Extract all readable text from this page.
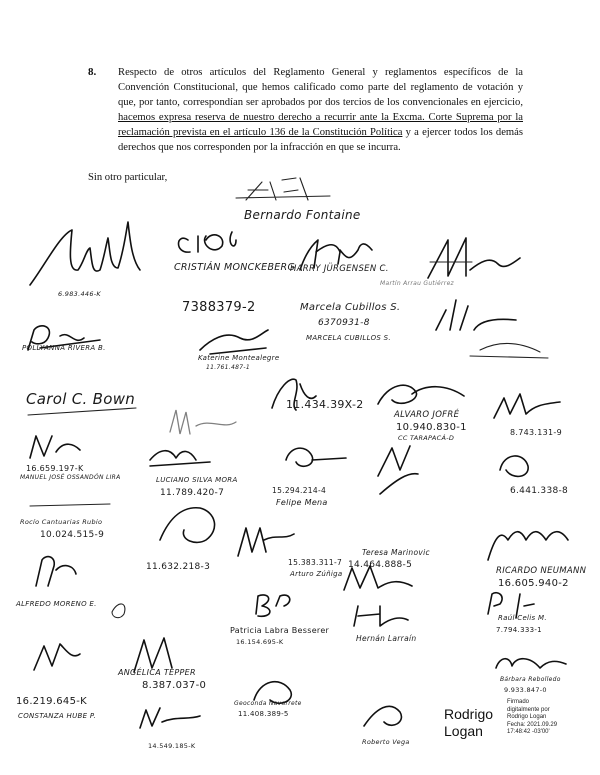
8. Respecto de otros artículos del Reglamento General y reglamentos específicos de la Convención Constitucional, que hemos calificado como parte del reglamento de votación y que, por tanto, correspondían ser aprobados por dos tercios de los convencionales en ejercicio, hacemos expresa reserva de nuestro derecho a recurrir ante la Excma. Corte Suprema por la reclamación prevista en el artículo 136 de la Constitución Política y a ejercer todos los demás derechos que nos corresponden por la infracción en que se incurra.
Sin otro particular,
Bernardo Fontaine
CRISTIÁN MONCKEBERG
7388379-2
HARRY JÜRGENSEN C.
Martín Arrau Gutiérrez
Marcela Cubillos S.
6370931-8
MARCELA CUBILLOS S.
6.983.446-K
POLLYANNA RIVERA B.
Katerine Montealegre
11.761.487-1
Carol C. Bown	11.434.39X-2
ALVARO JOFRÉ
10.940.830-1
CC TARAPACÁ-D
8.743.131-9
16.659.197-K
MANUEL JOSÉ OSSANDÓN LIRA	LUCIANO SILVA MORA
11.789.420-7	15.294.214-4
Felipe Mena
6.441.338-8
Rocío Cantuarias Rubio
10.024.515-9
11.632.218-3	15.383.311-7
Arturo Zúñiga
Teresa Marinovic
14.464.888-5
RICARDO NEUMANN
16.605.940-2
ALFREDO MORENO E.
Patricia Labra Besserer
16.154.695-K	Hernán Larraín
Raúl Celis M.
7.794.333-1
Bárbara Rebolledo
9.933.847-0
16.219.645-K
CONSTANZA HUBE P.
ANGÉLICA TEPPER
8.387.037-0
Geoconda Navarrete
11.408.389-5
Roberto Vega
14.549.185-K
Rodrigo
Logan
Firmado
digitalmente por
Rodrigo Logan
Fecha: 2021.09.29
17:48:42 -03'00'
